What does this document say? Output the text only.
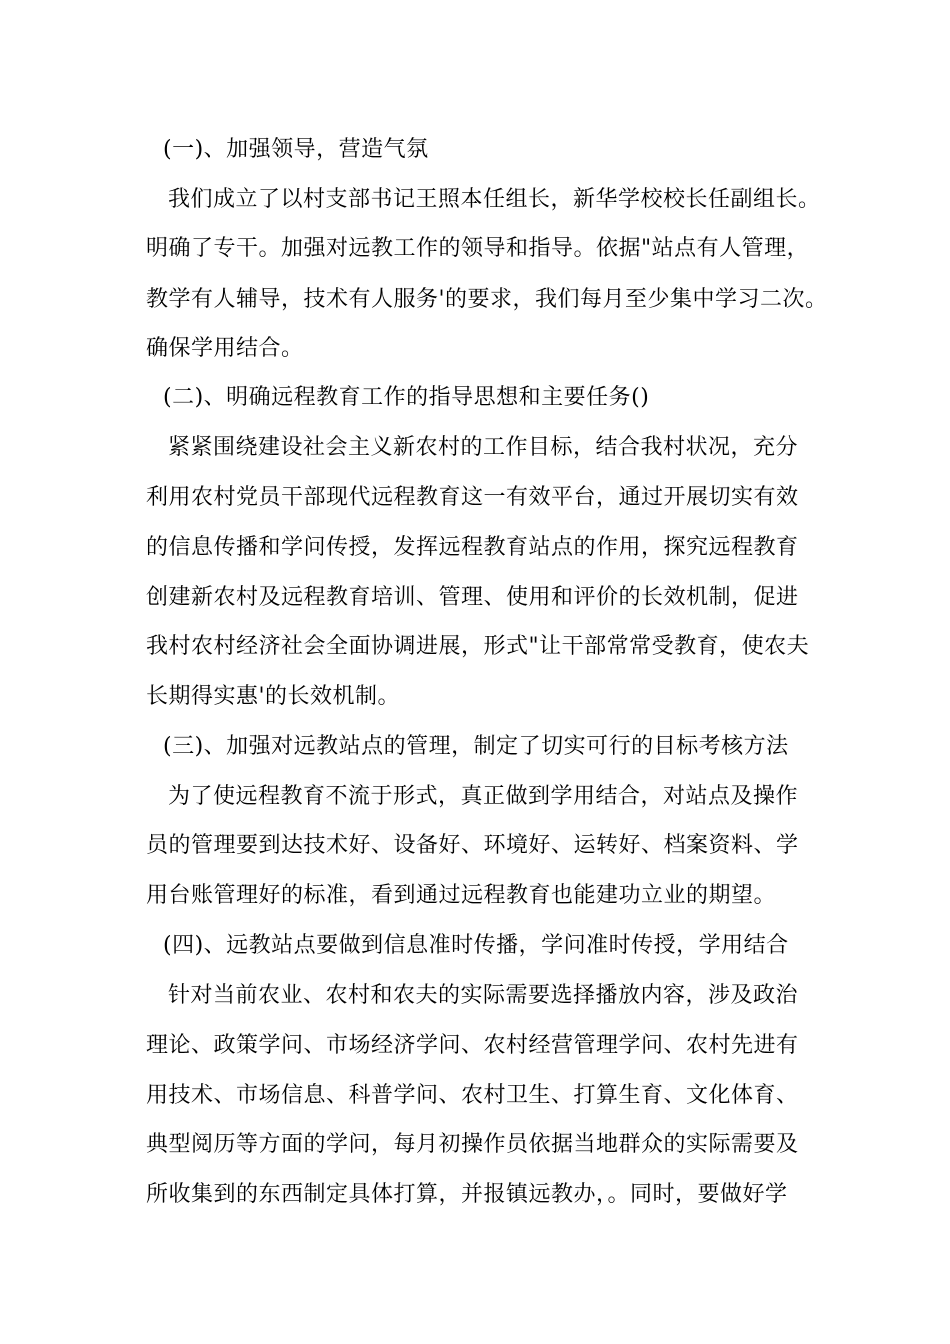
(一)、加强领导，营造气氛
我们成立了以村支部书记王照本任组长，新华学校校长任副组长。
明确了专干。加强对远教工作的领导和指导。依据"站点有人管理，
教学有人辅导，技术有人服务'的要求，我们每月至少集中学习二次。
确保学用结合。
(二)、明确远程教育工作的指导思想和主要任务()
紧紧围绕建设社会主义新农村的工作目标，结合我村状况，充分
利用农村党员干部现代远程教育这一有效平台，通过开展切实有效
的信息传播和学问传授，发挥远程教育站点的作用，探究远程教育
创建新农村及远程教育培训、管理、使用和评价的长效机制，促进
我村农村经济社会全面协调进展，形式"让干部常常受教育，使农夫
长期得实惠'的长效机制。
(三)、加强对远教站点的管理，制定了切实可行的目标考核方法
为了使远程教育不流于形式，真正做到学用结合，对站点及操作
员的管理要到达技术好、设备好、环境好、运转好、档案资料、学
用台账管理好的标准，看到通过远程教育也能建功立业的期望。
(四)、远教站点要做到信息准时传播，学问准时传授，学用结合
针对当前农业、农村和农夫的实际需要选择播放内容，涉及政治
理论、政策学问、市场经济学问、农村经营管理学问、农村先进有
用技术、市场信息、科普学问、农村卫生、打算生育、文化体育、
典型阅历等方面的学问，每月初操作员依据当地群众的实际需要及
所收集到的东西制定具体打算，并报镇远教办，。同时，要做好学
